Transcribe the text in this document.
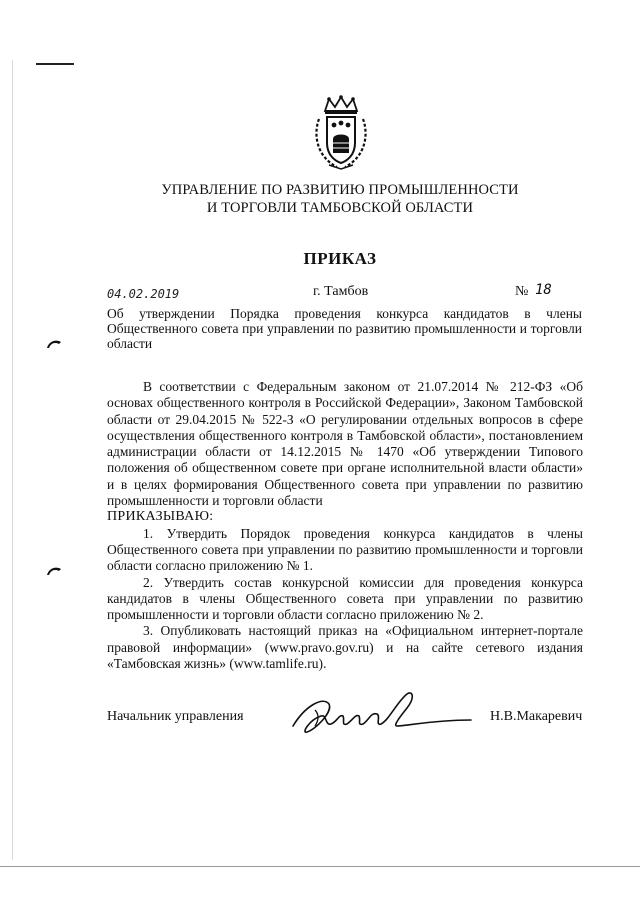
УПРАВЛЕНИЕ ПО РАЗВИТИЮ ПРОМЫШЛЕННОСТИ
И ТОРГОВЛИ ТАМБОВСКОЙ ОБЛАСТИ
ПРИКАЗ
04.02.2019	г. Тамбов	№ 18
Об утверждении Порядка проведения конкурса кандидатов в члены Общественного совета при управлении по развитию промышленности и торговли области

В соответствии с Федеральным законом от 21.07.2014 № 212-ФЗ «Об основах общественного контроля в Российской Федерации», Законом Тамбовской области от 29.04.2015 № 522-З «О регулировании отдельных вопросов в сфере осуществления общественного контроля в Тамбовской области», постановлением администрации области от 14.12.2015 № 1470 «Об утверждении Типового положения об общественном совете при органе исполнительной власти области» и в целях формирования Общественного совета при управлении по развитию промышленности и торговли области

ПРИКАЗЫВАЮ:

1. Утвердить Порядок проведения конкурса кандидатов в члены Общественного совета при управлении по развитию промышленности и торговли области согласно приложению № 1.

2. Утвердить состав конкурсной комиссии для проведения конкурса кандидатов в члены Общественного совета при управлении по развитию промышленности и торговли области согласно приложению № 2.

3. Опубликовать настоящий приказ на «Официальном интернет-портале правовой информации» (www.pravo.gov.ru) и на сайте сетевого издания «Тамбовская жизнь» (www.tamlife.ru).

Начальник управления	Н.В.Макаревич
